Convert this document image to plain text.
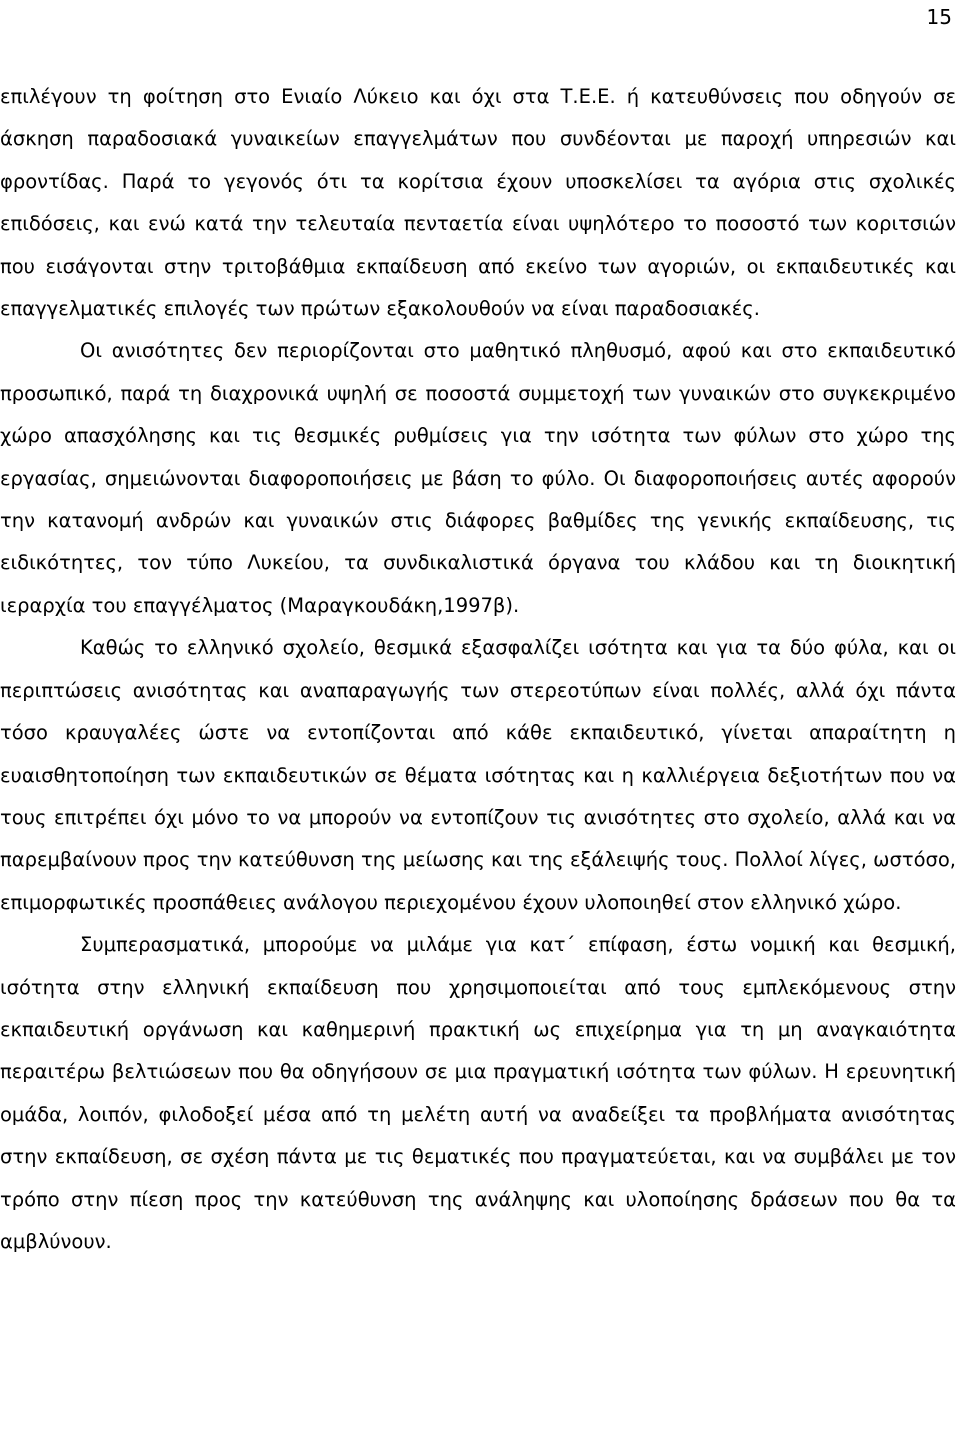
15

επιλέγουν τη φοίτηση στο Ενιαίο Λύκειο και όχι στα Τ.Ε.Ε. ή κατευθύνσεις που οδηγούν σε άσκηση παραδοσιακά γυναικείων επαγγελμάτων που συνδέονται με παροχή υπηρεσιών και φροντίδας. Παρά το γεγονός ότι τα κορίτσια έχουν υποσκελίσει τα αγόρια στις σχολικές επιδόσεις, και ενώ κατά την τελευταία πενταετία είναι υψηλότερο το ποσοστό των κοριτσιών που εισάγονται στην τριτοβάθμια εκπαίδευση από εκείνο των αγοριών, οι εκπαιδευτικές και επαγγελματικές επιλογές των πρώτων εξακολουθούν να είναι παραδοσιακές.

Οι ανισότητες δεν περιορίζονται στο μαθητικό πληθυσμό, αφού και στο εκπαιδευτικό προσωπικό, παρά τη διαχρονικά υψηλή σε ποσοστά συμμετοχή των γυναικών στο συγκεκριμένο χώρο απασχόλησης και τις θεσμικές ρυθμίσεις για την ισότητα των φύλων στο χώρο της εργασίας, σημειώνονται διαφοροποιήσεις με βάση το φύλο. Οι διαφοροποιήσεις αυτές αφορούν την κατανομή ανδρών και γυναικών στις διάφορες βαθμίδες της γενικής εκπαίδευσης, τις ειδικότητες, τον τύπο Λυκείου, τα συνδικαλιστικά όργανα του κλάδου και τη διοικητική ιεραρχία του επαγγέλματος (Μαραγκουδάκη,1997β).

Καθώς το ελληνικό σχολείο, θεσμικά εξασφαλίζει ισότητα και για τα δύο φύλα, και οι περιπτώσεις ανισότητας και αναπαραγωγής των στερεοτύπων είναι πολλές, αλλά όχι πάντα τόσο κραυγαλέες ώστε να εντοπίζονται από κάθε εκπαιδευτικό, γίνεται απαραίτητη η ευαισθητοποίηση των εκπαιδευτικών σε θέματα ισότητας και η καλλιέργεια δεξιοτήτων που να τους επιτρέπει όχι μόνο το να μπορούν να εντοπίζουν τις ανισότητες στο σχολείο, αλλά και να παρεμβαίνουν προς την κατεύθυνση της μείωσης και της εξάλειψής τους. Πολλοί λίγες, ωστόσο, επιμορφωτικές προσπάθειες ανάλογου περιεχομένου έχουν υλοποιηθεί στον ελληνικό χώρο.

Συμπερασματικά, μπορούμε να μιλάμε για κατ΄ επίφαση, έστω νομική και θεσμική, ισότητα στην ελληνική εκπαίδευση που χρησιμοποιείται από τους εμπλεκόμενους στην εκπαιδευτική οργάνωση και καθημερινή πρακτική ως επιχείρημα για τη μη αναγκαιότητα περαιτέρω βελτιώσεων που θα οδηγήσουν σε μια πραγματική ισότητα των φύλων. Η ερευνητική ομάδα, λοιπόν, φιλοδοξεί μέσα από τη μελέτη αυτή να αναδείξει τα προβλήματα ανισότητας στην εκπαίδευση, σε σχέση πάντα με τις θεματικές που πραγματεύεται, και να συμβάλει με τον τρόπο στην πίεση προς την κατεύθυνση της ανάληψης και υλοποίησης δράσεων που θα τα αμβλύνουν.
